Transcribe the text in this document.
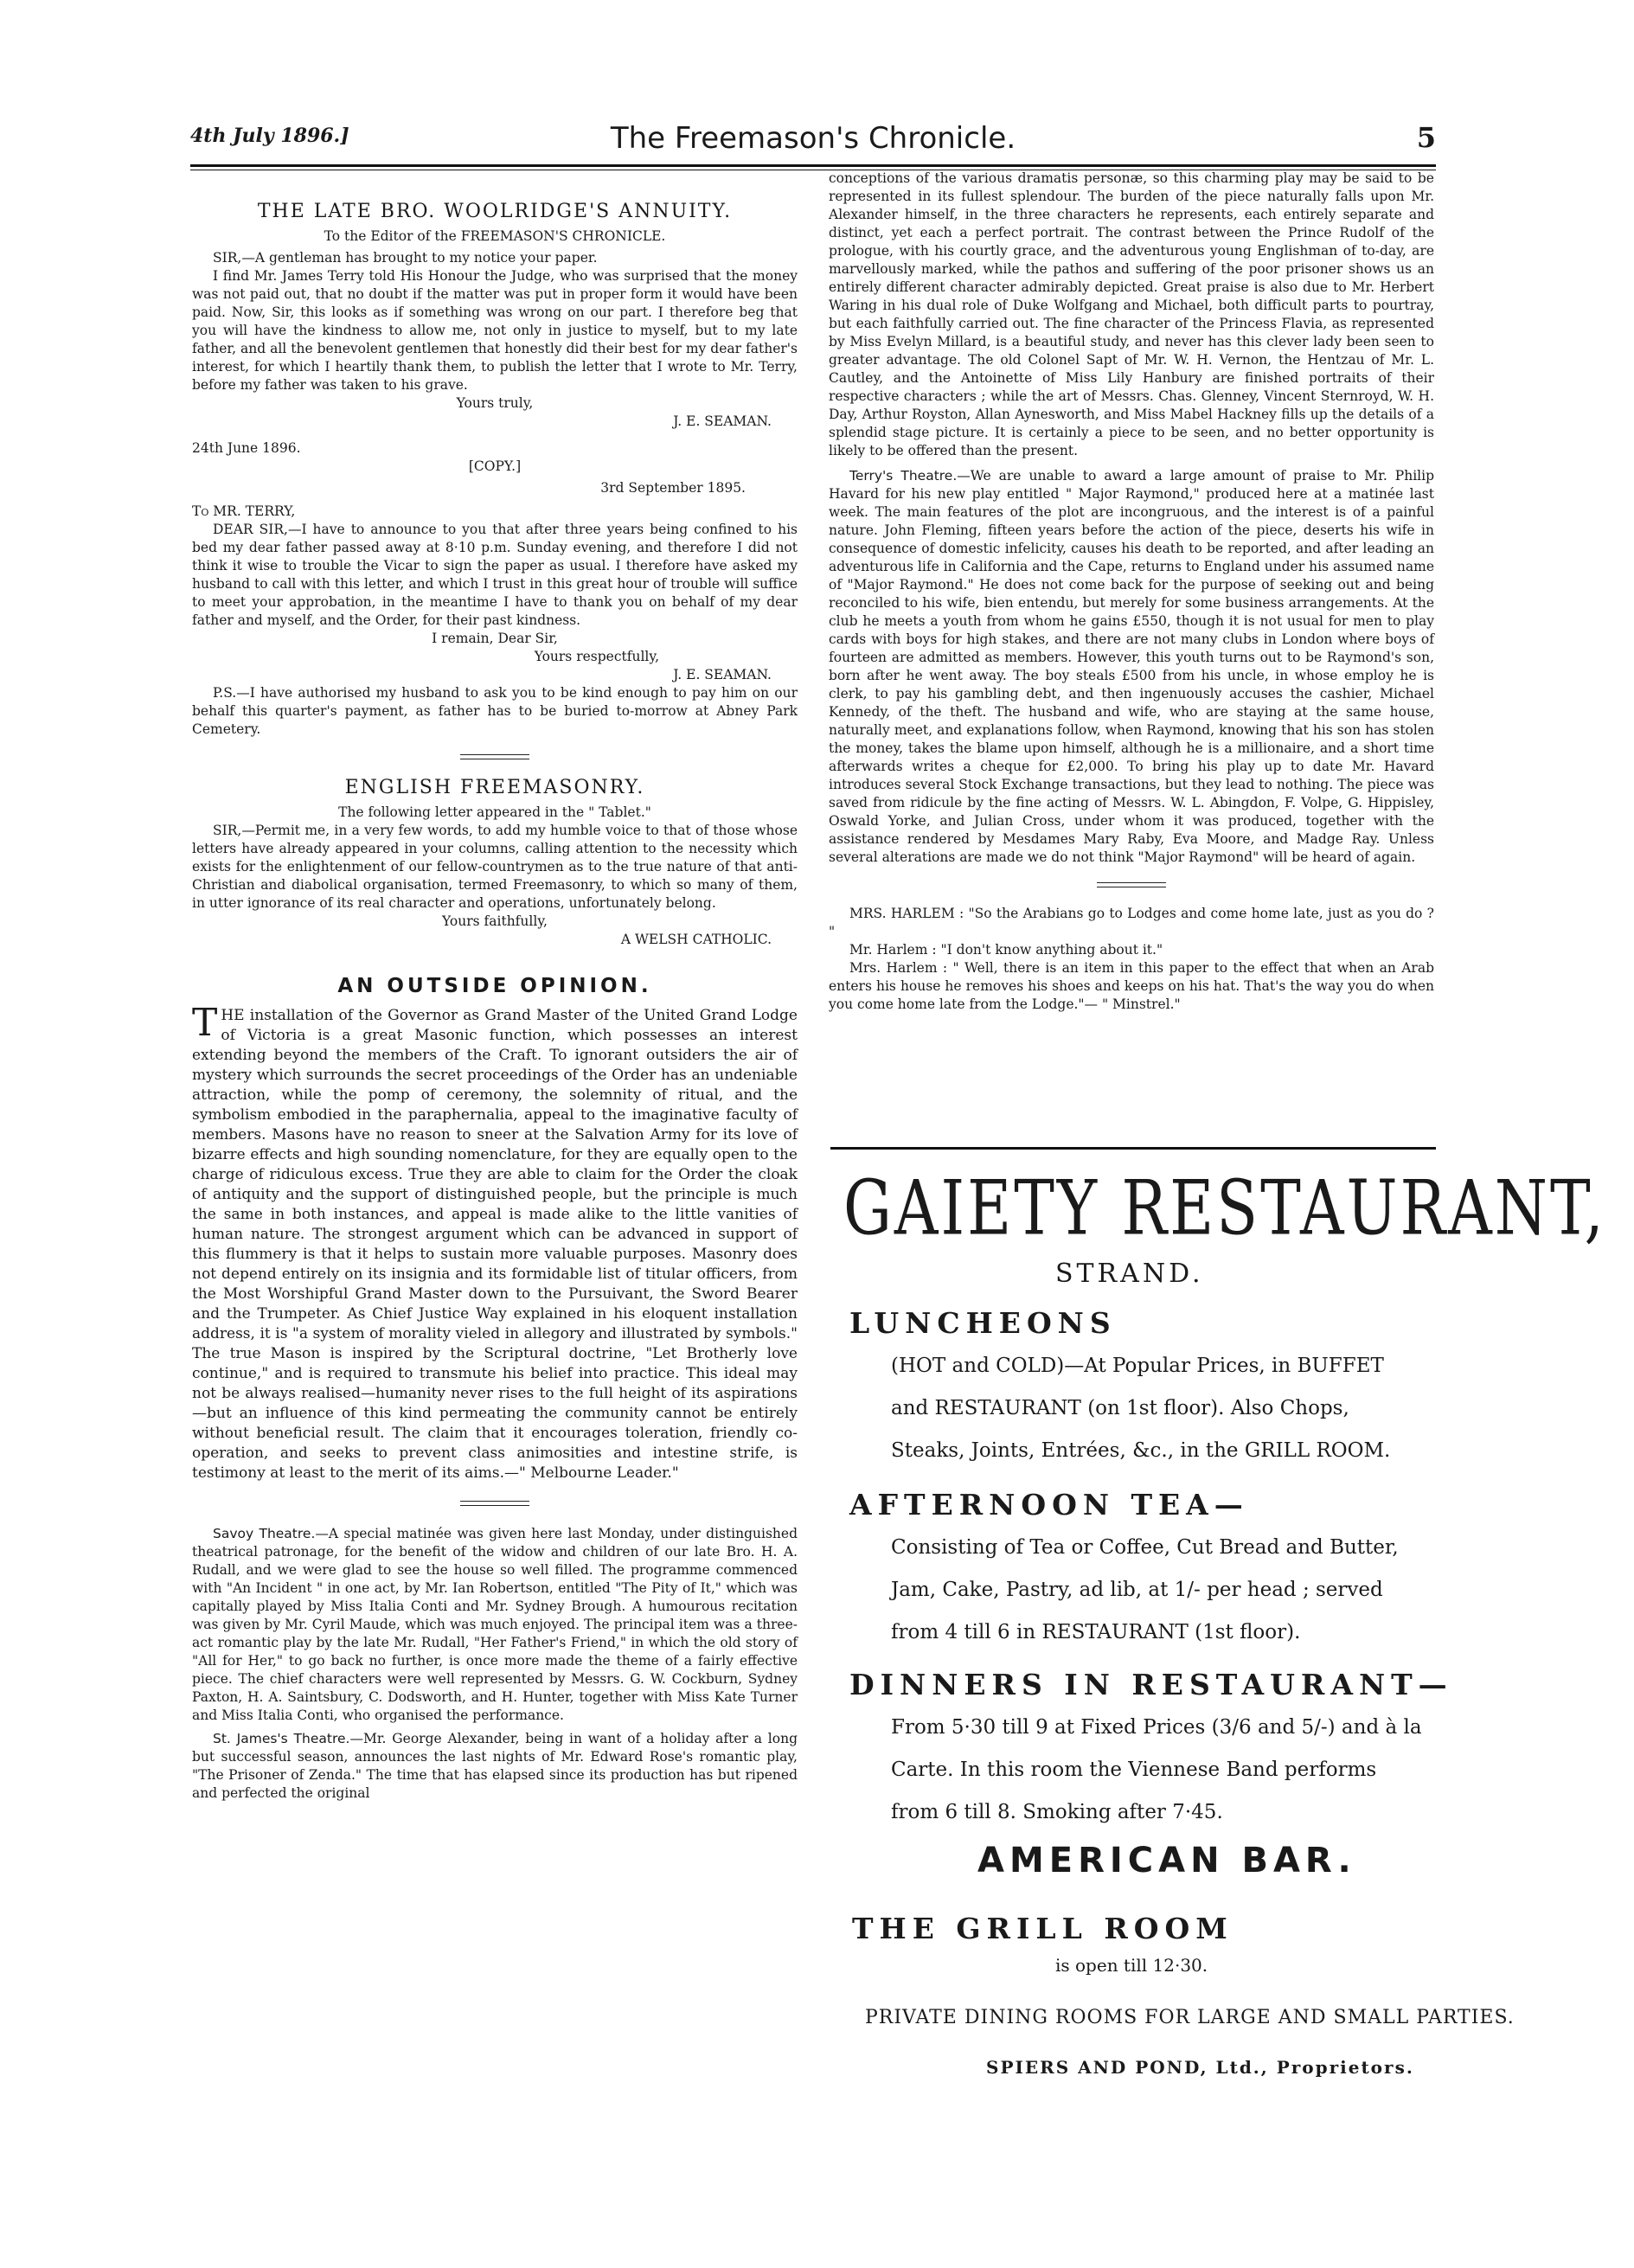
4th July 1896.]	The Freemason's Chronicle.	5

THE LATE BRO. WOOLRIDGE'S ANNUITY.

To the Editor of the FREEMASON'S CHRONICLE.

SIR,—A gentleman has brought to my notice your paper.

I find Mr. James Terry told His Honour the Judge, who was surprised that the money was not paid out, that no doubt if the matter was put in proper form it would have been paid. Now, Sir, this looks as if something was wrong on our part. I therefore beg that you will have the kindness to allow me, not only in justice to myself, but to my late father, and all the benevolent gentlemen that honestly did their best for my dear father's interest, for which I heartily thank them, to publish the letter that I wrote to Mr. Terry, before my father was taken to his grave.

Yours truly,

J. E. SEAMAN.

24th June 1896.

[COPY.]

3rd September 1895.

To MR. TERRY,

DEAR SIR,—I have to announce to you that after three years being confined to his bed my dear father passed away at 8·10 p.m. Sunday evening, and therefore I did not think it wise to trouble the Vicar to sign the paper as usual. I therefore have asked my husband to call with this letter, and which I trust in this great hour of trouble will suffice to meet your approbation, in the meantime I have to thank you on behalf of my dear father and myself, and the Order, for their past kindness.

I remain, Dear Sir,

Yours respectfully,

J. E. SEAMAN.

P.S.—I have authorised my husband to ask you to be kind enough to pay him on our behalf this quarter's payment, as father has to be buried to-morrow at Abney Park Cemetery.

ENGLISH FREEMASONRY.

The following letter appeared in the " Tablet."

SIR,—Permit me, in a very few words, to add my humble voice to that of those whose letters have already appeared in your columns, calling attention to the necessity which exists for the enlightenment of our fellow-countrymen as to the true nature of that anti-Christian and diabolical organisation, termed Freemasonry, to which so many of them, in utter ignorance of its real character and operations, unfortunately belong.

Yours faithfully,

A WELSH CATHOLIC.

AN OUTSIDE OPINION.

THE installation of the Governor as Grand Master of the United Grand Lodge of Victoria is a great Masonic function, which possesses an interest extending beyond the members of the Craft. To ignorant outsiders the air of mystery which surrounds the secret proceedings of the Order has an undeniable attraction, while the pomp of ceremony, the solemnity of ritual, and the symbolism embodied in the paraphernalia, appeal to the imaginative faculty of members. Masons have no reason to sneer at the Salvation Army for its love of bizarre effects and high sounding nomenclature, for they are equally open to the charge of ridiculous excess. True they are able to claim for the Order the cloak of antiquity and the support of distinguished people, but the principle is much the same in both instances, and appeal is made alike to the little vanities of human nature. The strongest argument which can be advanced in support of this flummery is that it helps to sustain more valuable purposes. Masonry does not depend entirely on its insignia and its formidable list of titular officers, from the Most Worshipful Grand Master down to the Pursuivant, the Sword Bearer and the Trumpeter. As Chief Justice Way explained in his eloquent installation address, it is "a system of morality vieled in allegory and illustrated by symbols." The true Mason is inspired by the Scriptural doctrine, "Let Brotherly love continue," and is required to transmute his belief into practice. This ideal may not be always realised—humanity never rises to the full height of its aspirations—but an influence of this kind permeating the community cannot be entirely without beneficial result. The claim that it encourages toleration, friendly co-operation, and seeks to prevent class animosities and intestine strife, is testimony at least to the merit of its aims.—" Melbourne Leader."

Savoy Theatre.—A special matinée was given here last Monday, under distinguished theatrical patronage, for the benefit of the widow and children of our late Bro. H. A. Rudall, and we were glad to see the house so well filled. The programme commenced with "An Incident " in one act, by Mr. Ian Robertson, entitled "The Pity of It," which was capitally played by Miss Italia Conti and Mr. Sydney Brough. A humourous recitation was given by Mr. Cyril Maude, which was much enjoyed. The principal item was a three-act romantic play by the late Mr. Rudall, "Her Father's Friend," in which the old story of "All for Her," to go back no further, is once more made the theme of a fairly effective piece. The chief characters were well represented by Messrs. G. W. Cockburn, Sydney Paxton, H. A. Saintsbury, C. Dodsworth, and H. Hunter, together with Miss Kate Turner and Miss Italia Conti, who organised the performance.

St. James's Theatre.—Mr. George Alexander, being in want of a holiday after a long but successful season, announces the last nights of Mr. Edward Rose's romantic play, "The Prisoner of Zenda." The time that has elapsed since its production has but ripened and perfected the original

conceptions of the various dramatis personæ, so this charming play may be said to be represented in its fullest splendour. The burden of the piece naturally falls upon Mr. Alexander himself, in the three characters he represents, each entirely separate and distinct, yet each a perfect portrait. The contrast between the Prince Rudolf of the prologue, with his courtly grace, and the adventurous young Englishman of to-day, are marvellously marked, while the pathos and suffering of the poor prisoner shows us an entirely different character admirably depicted. Great praise is also due to Mr. Herbert Waring in his dual role of Duke Wolfgang and Michael, both difficult parts to pourtray, but each faithfully carried out. The fine character of the Princess Flavia, as represented by Miss Evelyn Millard, is a beautiful study, and never has this clever lady been seen to greater advantage. The old Colonel Sapt of Mr. W. H. Vernon, the Hentzau of Mr. L. Cautley, and the Antoinette of Miss Lily Hanbury are finished portraits of their respective characters ; while the art of Messrs. Chas. Glenney, Vincent Sternroyd, W. H. Day, Arthur Royston, Allan Aynesworth, and Miss Mabel Hackney fills up the details of a splendid stage picture. It is certainly a piece to be seen, and no better opportunity is likely to be offered than the present.

Terry's Theatre.—We are unable to award a large amount of praise to Mr. Philip Havard for his new play entitled " Major Raymond," produced here at a matinée last week. The main features of the plot are incongruous, and the interest is of a painful nature. John Fleming, fifteen years before the action of the piece, deserts his wife in consequence of domestic infelicity, causes his death to be reported, and after leading an adventurous life in California and the Cape, returns to England under his assumed name of "Major Raymond." He does not come back for the purpose of seeking out and being reconciled to his wife, bien entendu, but merely for some business arrangements. At the club he meets a youth from whom he gains £550, though it is not usual for men to play cards with boys for high stakes, and there are not many clubs in London where boys of fourteen are admitted as members. However, this youth turns out to be Raymond's son, born after he went away. The boy steals £500 from his uncle, in whose employ he is clerk, to pay his gambling debt, and then ingenuously accuses the cashier, Michael Kennedy, of the theft. The husband and wife, who are staying at the same house, naturally meet, and explanations follow, when Raymond, knowing that his son has stolen the money, takes the blame upon himself, although he is a millionaire, and a short time afterwards writes a cheque for £2,000. To bring his play up to date Mr. Havard introduces several Stock Exchange transactions, but they lead to nothing. The piece was saved from ridicule by the fine acting of Messrs. W. L. Abingdon, F. Volpe, G. Hippisley, Oswald Yorke, and Julian Cross, under whom it was produced, together with the assistance rendered by Mesdames Mary Raby, Eva Moore, and Madge Ray. Unless several alterations are made we do not think "Major Raymond" will be heard of again.

MRS. HARLEM : "So the Arabians go to Lodges and come home late, just as you do ? "

Mr. Harlem : "I don't know anything about it."

Mrs. Harlem : " Well, there is an item in this paper to the effect that when an Arab enters his house he removes his shoes and keeps on his hat. That's the way you do when you come home late from the Lodge."— " Minstrel."

GAIETY RESTAURANT,
STRAND.
LUNCHEONS
(HOT and COLD)—At Popular Prices, in BUFFET and RESTAURANT (on 1st floor). Also Chops, Steaks, Joints, Entrées, &c., in the GRILL ROOM.
AFTERNOON TEA—
Consisting of Tea or Coffee, Cut Bread and Butter, Jam, Cake, Pastry, ad lib, at 1/- per head ; served from 4 till 6 in RESTAURANT (1st floor).
DINNERS IN RESTAURANT—
From 5·30 till 9 at Fixed Prices (3/6 and 5/-) and à la Carte. In this room the Viennese Band performs from 6 till 8. Smoking after 7·45.
AMERICAN BAR.
THE GRILL ROOM
is open till 12·30.
PRIVATE DINING ROOMS FOR LARGE AND SMALL PARTIES.
SPIERS AND POND, Ltd., Proprietors.
